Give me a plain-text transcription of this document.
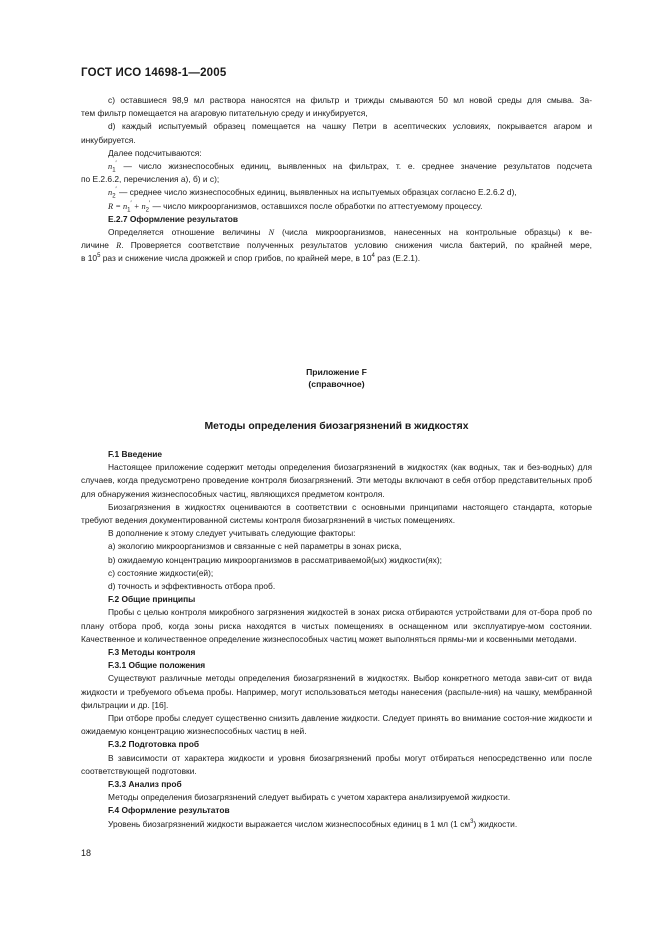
ГОСТ ИСО 14698-1—2005

с) оставшиеся 98,9 мл раствора наносятся на фильтр и трижды смываются 50 мл новой среды для смыва. За-

тем фильтр помещается на агаровую питательную среду и инкубируется,

d) каждый испытуемый образец помещается на чашку Петри в асептических условиях, покрывается агаром и

инкубируется.

Далее подсчитываются:

$n_1'$ — число жизнеспособных единиц, выявленных на фильтрах, т. е. среднее значение результатов подсчета

по Е.2.6.2, перечисления а), б) и с);

$n_2'$ — среднее число жизнеспособных единиц, выявленных на испытуемых образцах согласно Е.2.6.2 d),

$R = n_1' + n_2'$ — число микроорганизмов, оставшихся после обработки по аттестуемому процессу.

Е.2.7 Оформление результатов

Определяется отношение величины N (числа микроорганизмов, нанесенных на контрольные образцы) к ве-

личине R. Проверяется соответствие полученных результатов условию снижения числа бактерий, по крайней мере,

в $10^5$ раз и снижение числа дрожжей и спор грибов, по крайней мере, в $10^4$ раз (Е.2.1).

Приложение F
(справочное)
Методы определения биозагрязнений в жидкостях

F.1 Введение

Настоящее приложение содержит методы определения биозагрязнений в жидкостях (как водных, так и без-водных) для случаев, когда предусмотрено проведение контроля биозагрязнений. Эти методы включают в себя отбор представительных проб для обнаружения жизнеспособных частиц, являющихся предметом контроля.

Биозагрязнения в жидкостях оцениваются в соответствии с основными принципами настоящего стандарта, которые требуют ведения документированной системы контроля биозагрязнений в чистых помещениях.

В дополнение к этому следует учитывать следующие факторы:

а) экологию микроорганизмов и связанные с ней параметры в зонах риска,

b) ожидаемую концентрацию микроорганизмов в рассматриваемой(ых) жидкости(ях);

с) состояние жидкости(ей);

d) точность и эффективность отбора проб.

F.2 Общие принципы

Пробы с целью контроля микробного загрязнения жидкостей в зонах риска отбираются устройствами для от-бора проб по плану отбора проб, когда зоны риска находятся в чистых помещениях в оснащенном или эксплуатируе-мом состоянии. Качественное и количественное определение жизнеспособных частиц может выполняться прямы-ми и косвенными методами.

F.3 Методы контроля

F.3.1 Общие положения

Существуют различные методы определения биозагрязнений в жидкостях. Выбор конкретного метода зави-сит от вида жидкости и требуемого объема пробы. Например, могут использоваться методы нанесения (распыле-ния) на чашку, мембранной фильтрации и др. [16].

При отборе пробы следует существенно снизить давление жидкости. Следует принять во внимание состоя-ние жидкости и ожидаемую концентрацию жизнеспособных частиц в ней.

F.3.2 Подготовка проб

В зависимости от характера жидкости и уровня биозагрязнений пробы могут отбираться непосредственно или после соответствующей подготовки.

F.3.3 Анализ проб

Методы определения биозагрязнений следует выбирать с учетом характера анализируемой жидкости.

F.4 Оформление результатов

Уровень биозагрязнений жидкости выражается числом жизнеспособных единиц в 1 мл (1 $см^3$) жидкости.

18
